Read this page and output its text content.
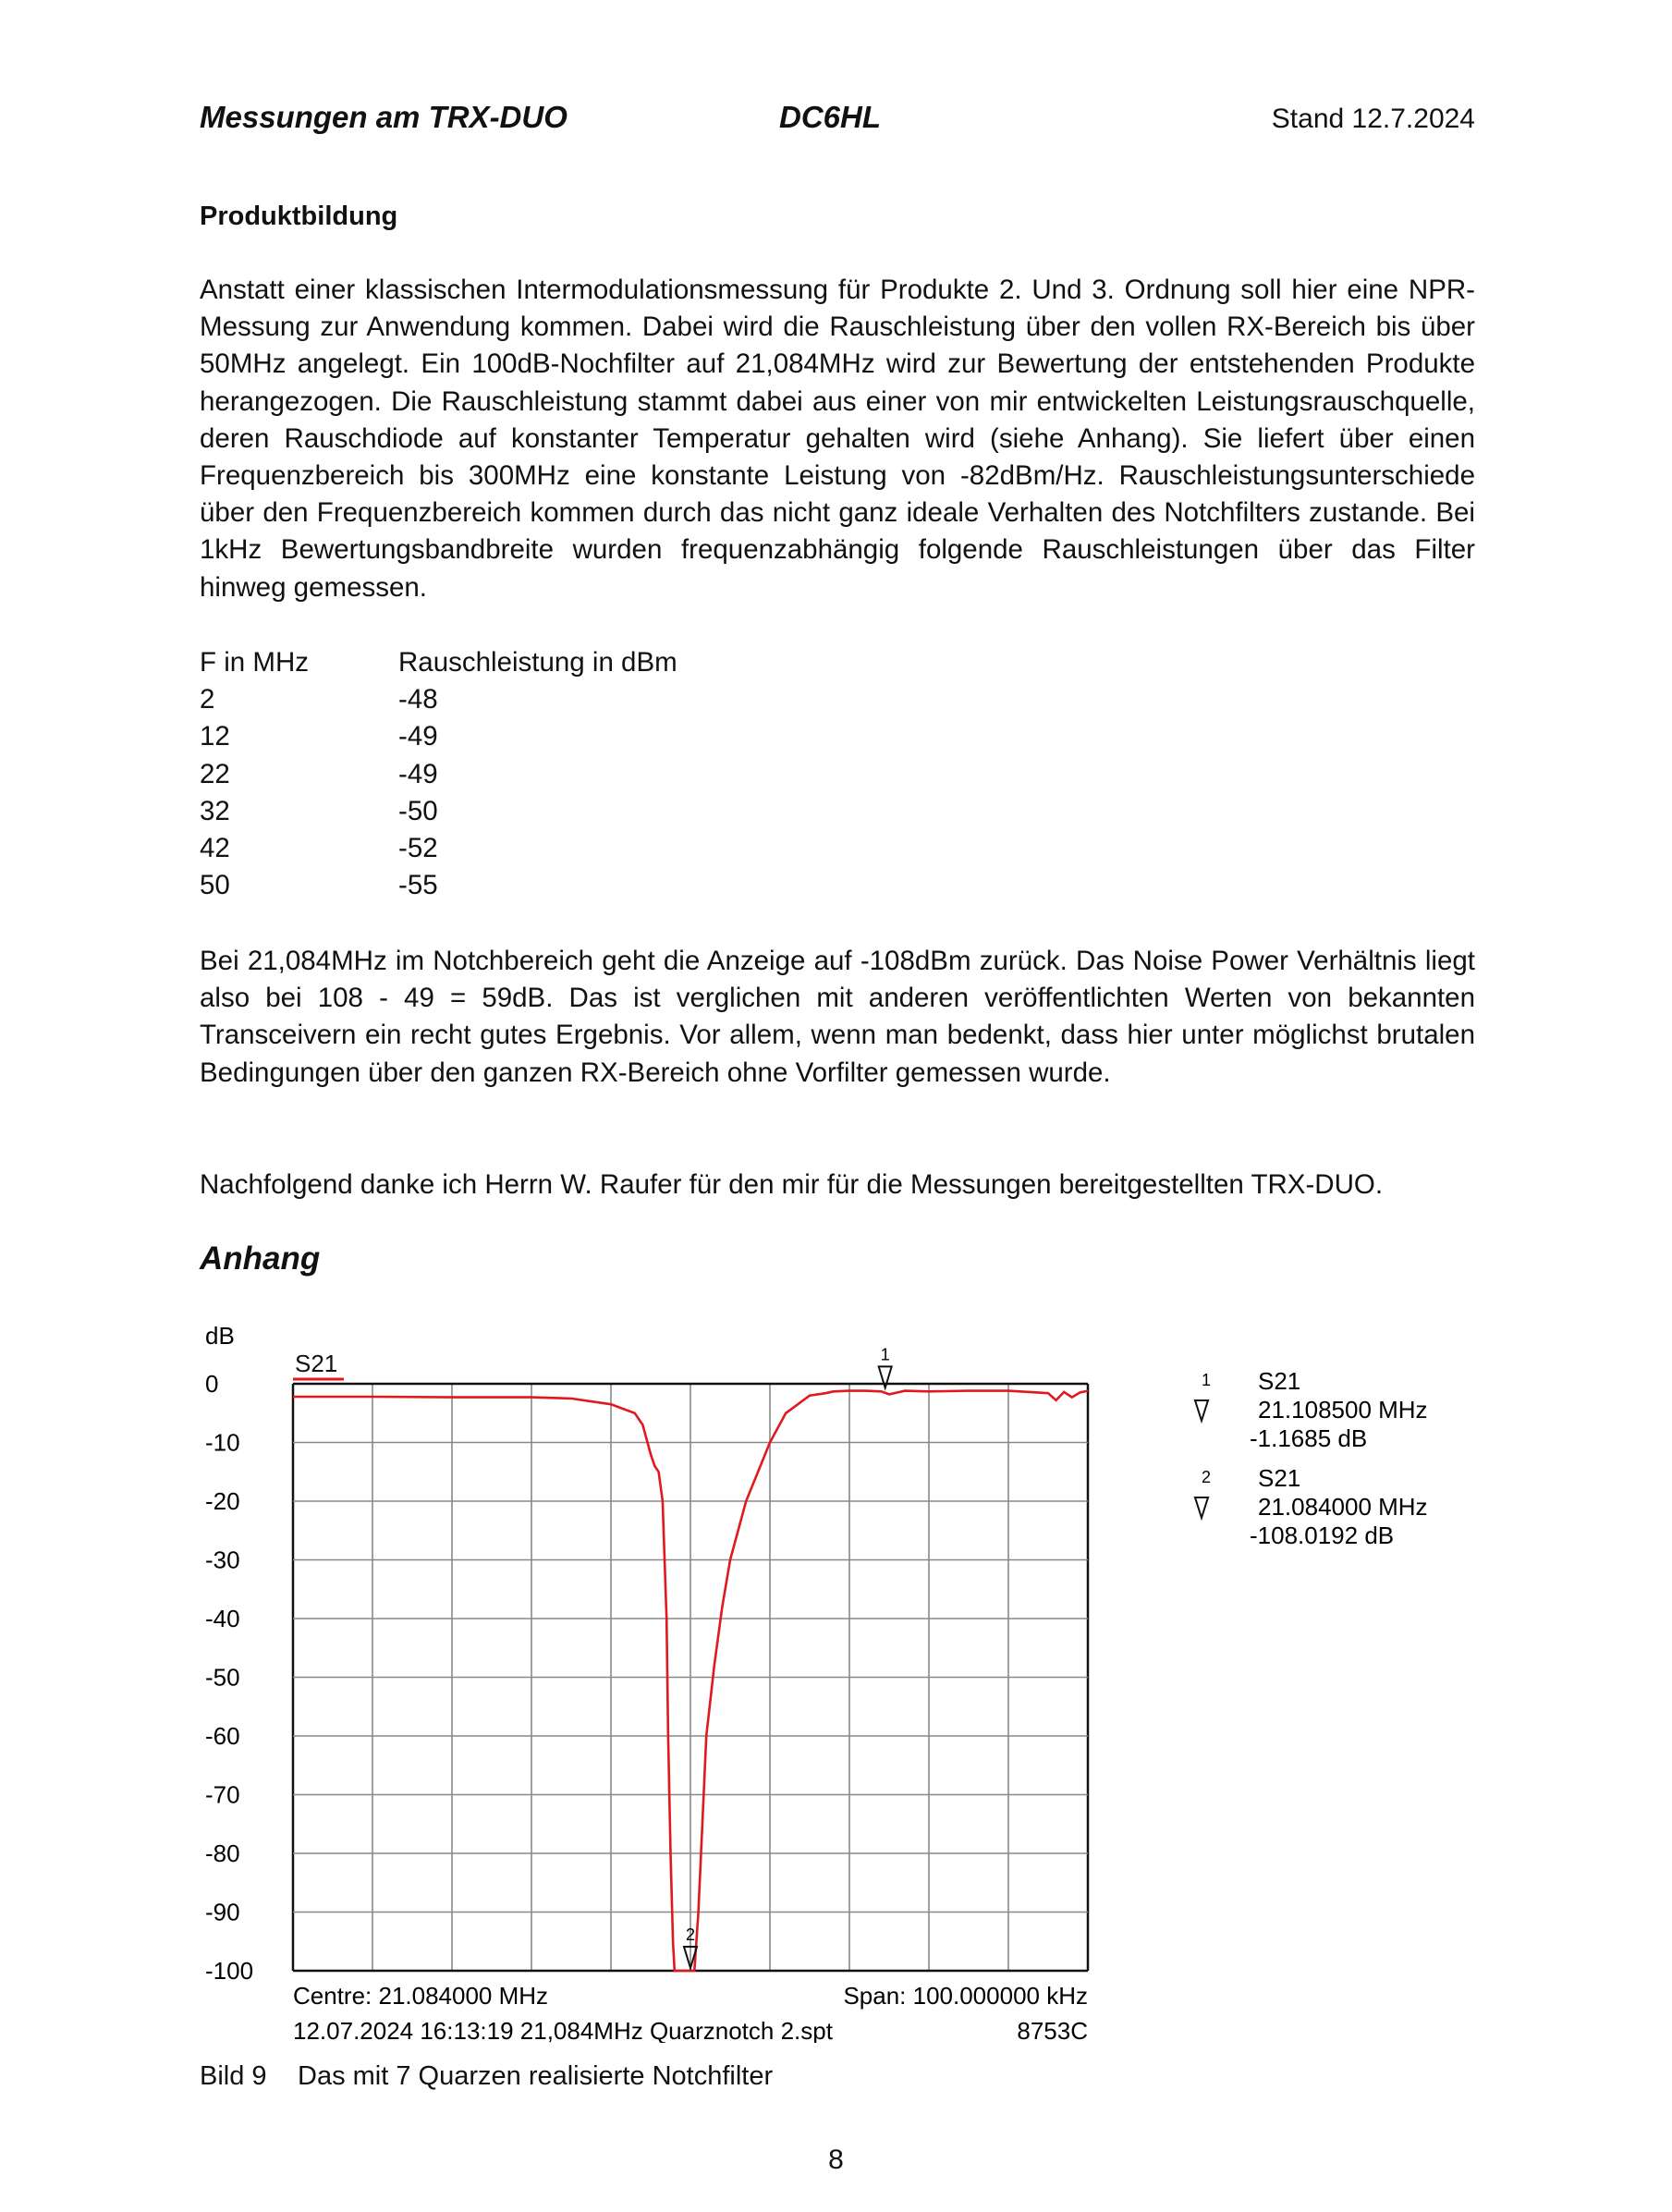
Messungen am TRX-DUO	DC6HL	Stand 12.7.2024
Produktbildung
Anstatt einer klassischen Intermodulationsmessung für Produkte 2. Und 3. Ordnung soll hier eine NPR-Messung zur Anwendung kommen. Dabei wird die Rauschleistung über den vollen RX-Bereich bis über 50MHz angelegt. Ein 100dB-Nochfilter auf 21,084MHz wird zur Bewertung der entstehenden Produkte herangezogen. Die Rauschleistung stammt dabei aus einer von mir entwickelten Leistungsrauschquelle, deren Rauschdiode auf konstanter Temperatur gehalten wird (siehe Anhang). Sie liefert über einen Frequenzbereich bis 300MHz eine konstante Leistung von -82dBm/Hz. Rauschleistungsunterschiede über den Frequenzbereich kommen durch das nicht ganz ideale Verhalten des Notchfilters zustande. Bei 1kHz Bewertungsbandbreite wurden frequenzabhängig folgende Rauschleistungen über das Filter hinweg gemessen.
F in MHz	Rauschleistung in dBm
2	-48
12	-49
22	-49
32	-50
42	-52
50	-55
Bei 21,084MHz im Notchbereich geht die Anzeige auf -108dBm zurück. Das Noise Power Verhältnis liegt also bei 108 - 49 = 59dB. Das ist verglichen mit anderen veröffentlichten Werten von bekannten Transceivern ein recht gutes Ergebnis. Vor allem, wenn man bedenkt, dass hier unter möglichst brutalen Bedingungen über den ganzen RX-Bereich ohne Vorfilter gemessen wurde.
Nachfolgend danke ich Herrn W. Raufer für den mir für die Messungen bereitgestellten TRX-DUO.
Anhang
0
-10
-20
-30
-40
-50
-60
-70
-80
-90
-100
dB
S21	1
2
1 S21
21.108500 MHz
-1.1685 dB
2 S21
21.084000 MHz
-108.0192 dB
Centre: 21.084000 MHz	Span: 100.000000 kHz
12.07.2024 16:13:19 21,084MHz Quarznotch 2.spt	8753C
Bild 9 Das mit 7 Quarzen realisierte Notchfilter
8
